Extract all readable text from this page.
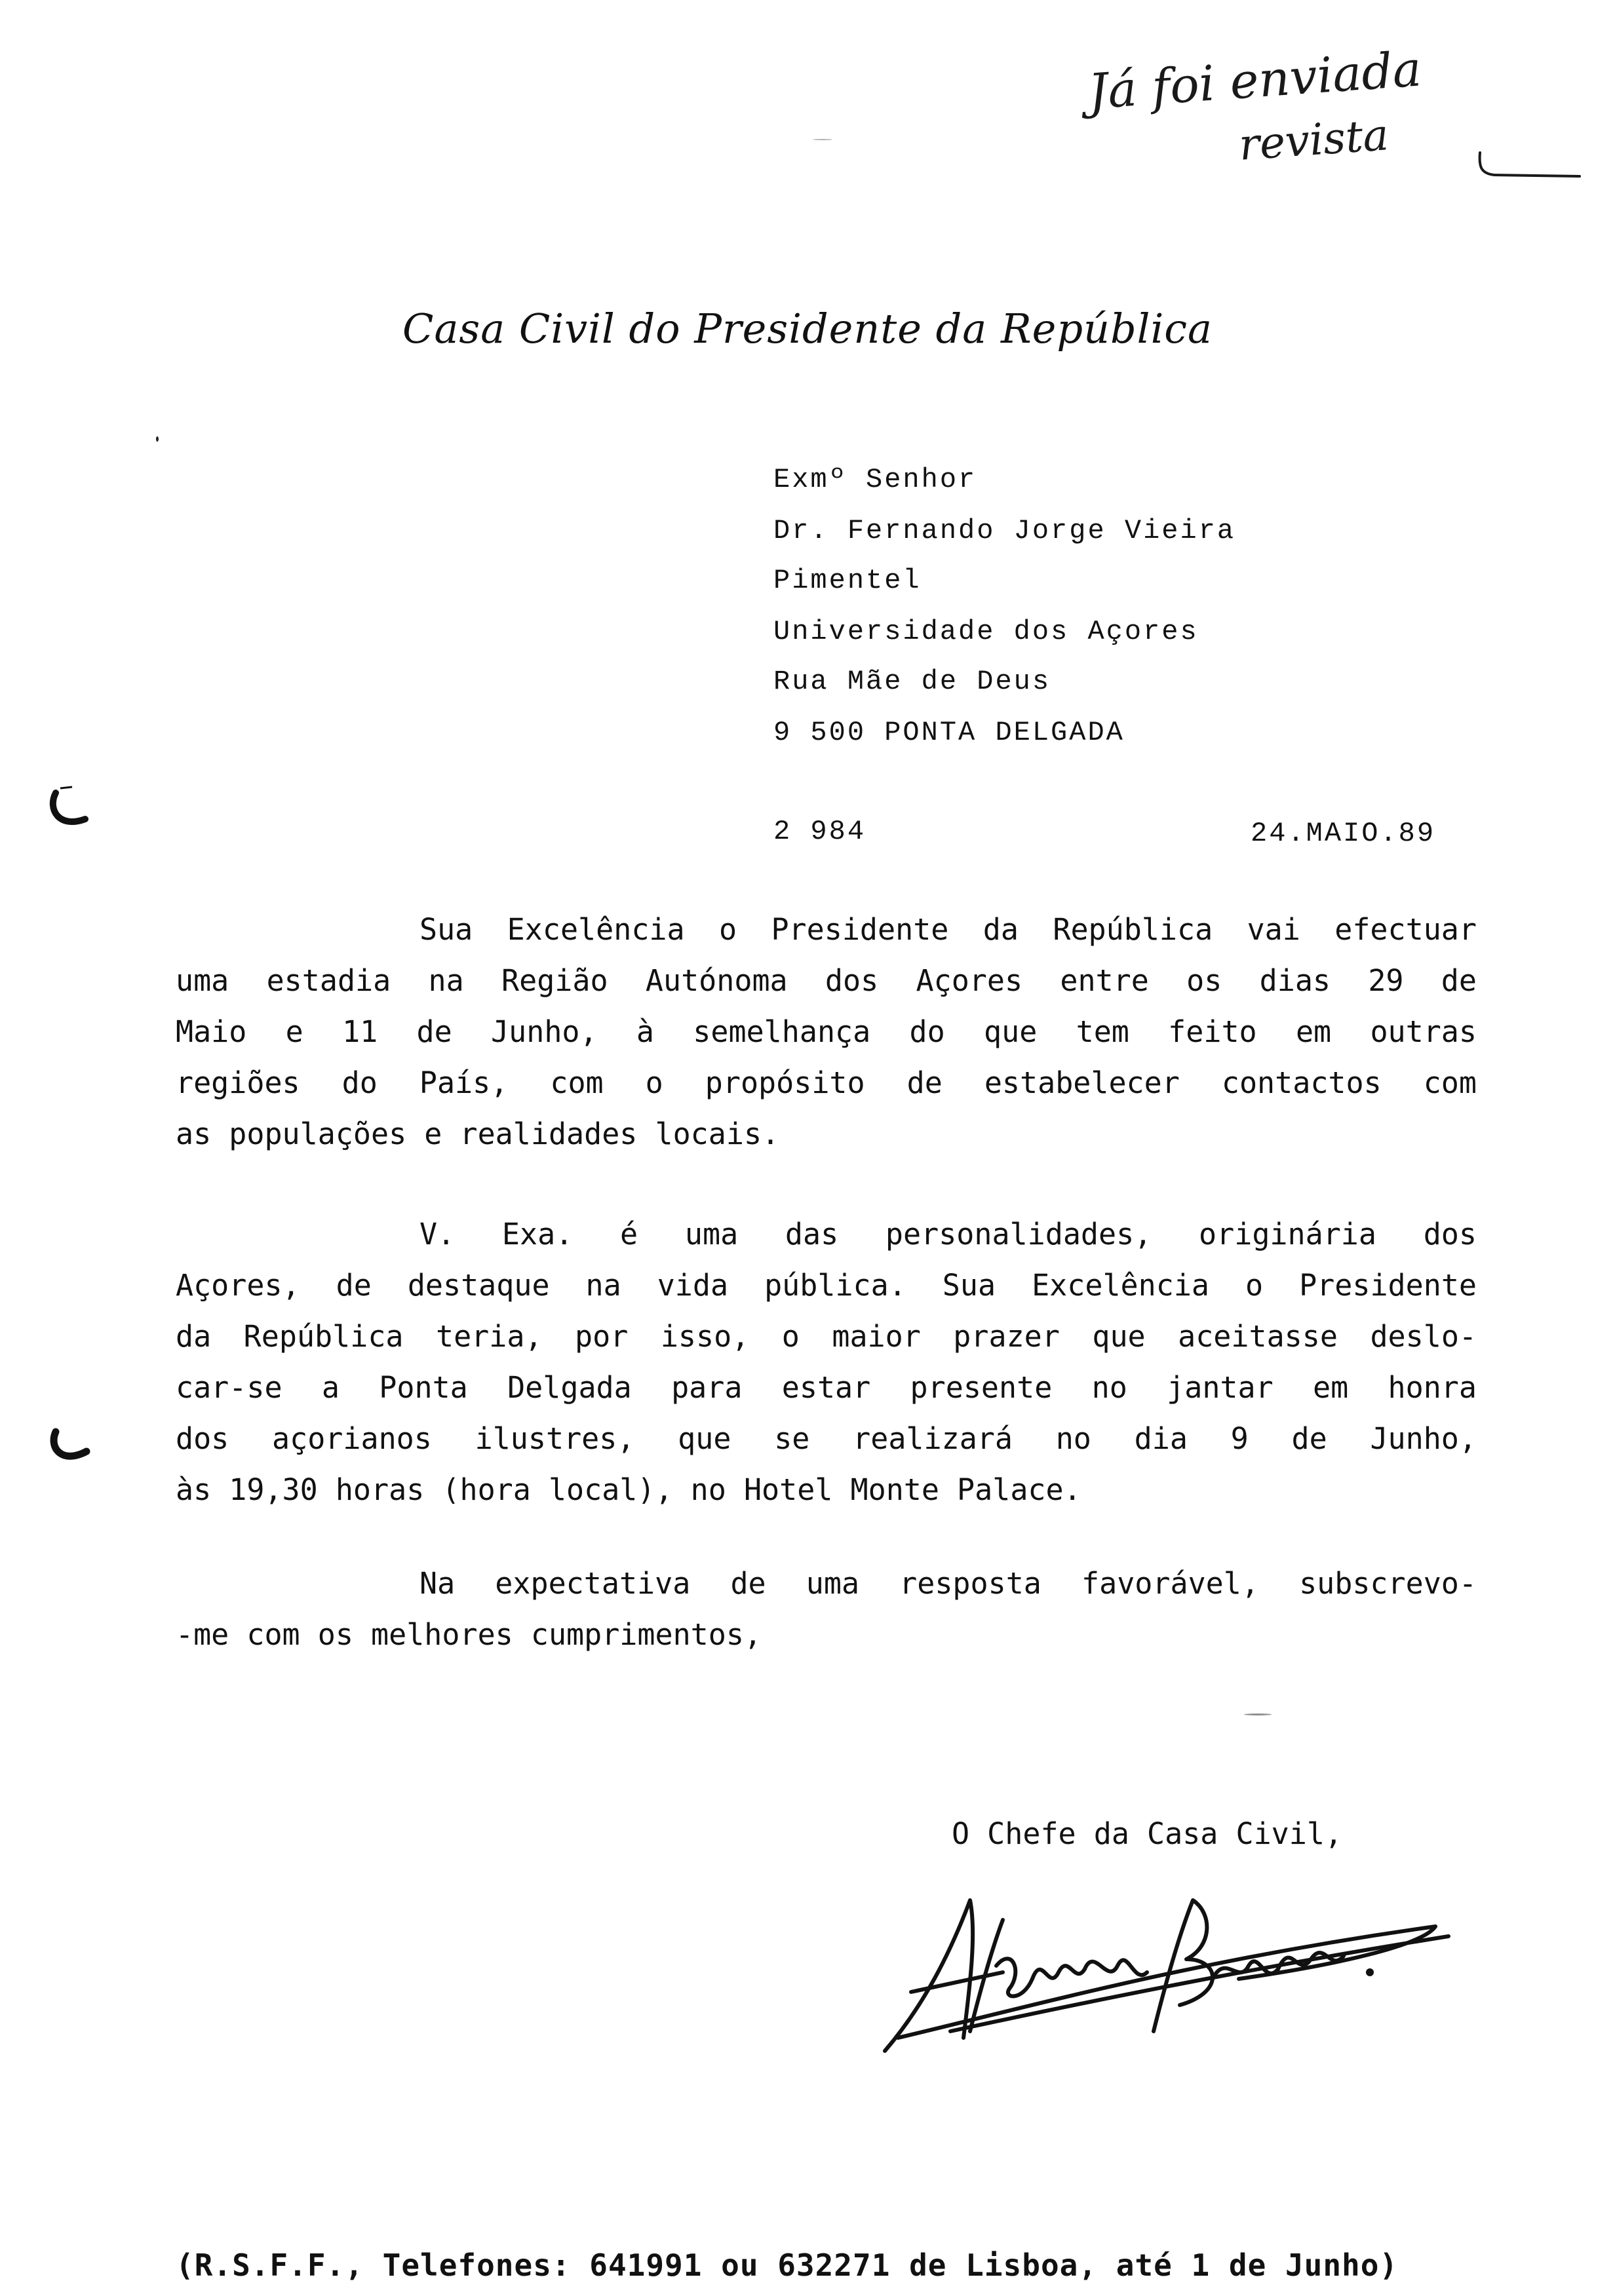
Já foi enviada
revista
Casa Civil do Presidente da República
Exmº Senhor
Dr. Fernando Jorge Vieira
Pimentel
Universidade dos Açores
Rua Mãe de Deus
9 500 PONTA DELGADA
2 984	24.MAIO.89
Sua Excelência o Presidente da República vai efectuar
uma estadia na Região Autónoma dos Açores entre os dias 29 de
Maio e 11 de Junho, à semelhança do que tem feito em outras
regiões do País, com o propósito de estabelecer contactos com
as populações e realidades locais.
V. Exa. é uma das personalidades, originária dos
Açores, de destaque na vida pública. Sua Excelência o Presidente
da República teria, por isso, o maior prazer que aceitasse deslo-
car-se a Ponta Delgada para estar presente no jantar em honra
dos açorianos ilustres, que se realizará no dia 9 de Junho,
às 19,30 horas (hora local), no Hotel Monte Palace.
Na expectativa de uma resposta favorável, subscrevo-
-me com os melhores cumprimentos,
O Chefe da Casa Civil,
(R.S.F.F., Telefones: 641991 ou 632271 de Lisboa, até 1 de Junho)
